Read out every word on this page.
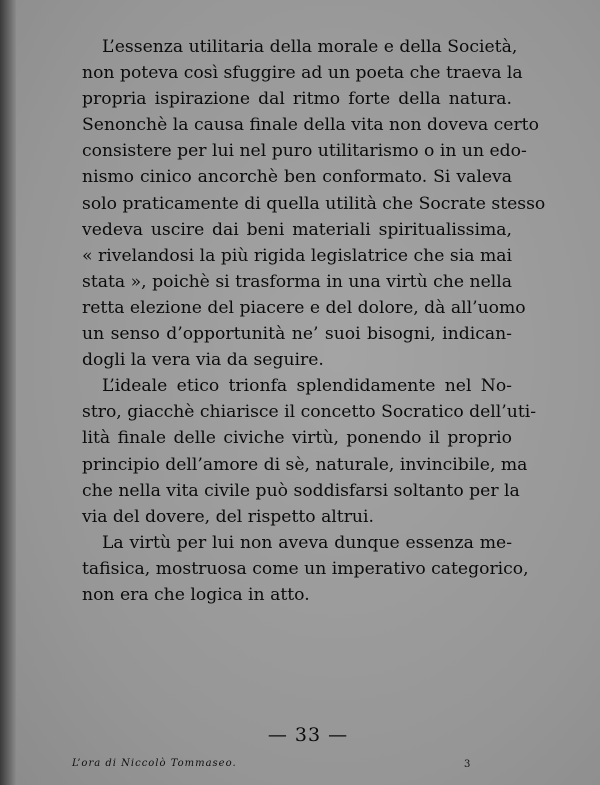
L’essenza utilitaria della morale e della Società,
non poteva così sfuggire ad un poeta che traeva la
propria ispirazione dal ritmo forte della natura.
Senonchè la causa finale della vita non doveva certo
consistere per lui nel puro utilitarismo o in un edo-
nismo cinico ancorchè ben conformato. Si valeva
solo praticamente di quella utilità che Socrate stesso
vedeva uscire dai beni materiali spiritualissima,
« rivelandosi la più rigida legislatrice che sia mai
stata », poichè si trasforma in una virtù che nella
retta elezione del piacere e del dolore, dà all’uomo
un senso d’opportunità ne’ suoi bisogni, indican-
dogli la vera via da seguire.
L’ideale etico trionfa splendidamente nel No-
stro, giacchè chiarisce il concetto Socratico dell’uti-
lità finale delle civiche virtù, ponendo il proprio
principio dell’amore di sè, naturale, invincibile, ma
che nella vita civile può soddisfarsi soltanto per la
via del dovere, del rispetto altrui.
La virtù per lui non aveva dunque essenza me-
tafisica, mostruosa come un imperativo categorico,
non era che logica in atto.
— 33 —
L’ora di Niccolò Tommaseo.	3
